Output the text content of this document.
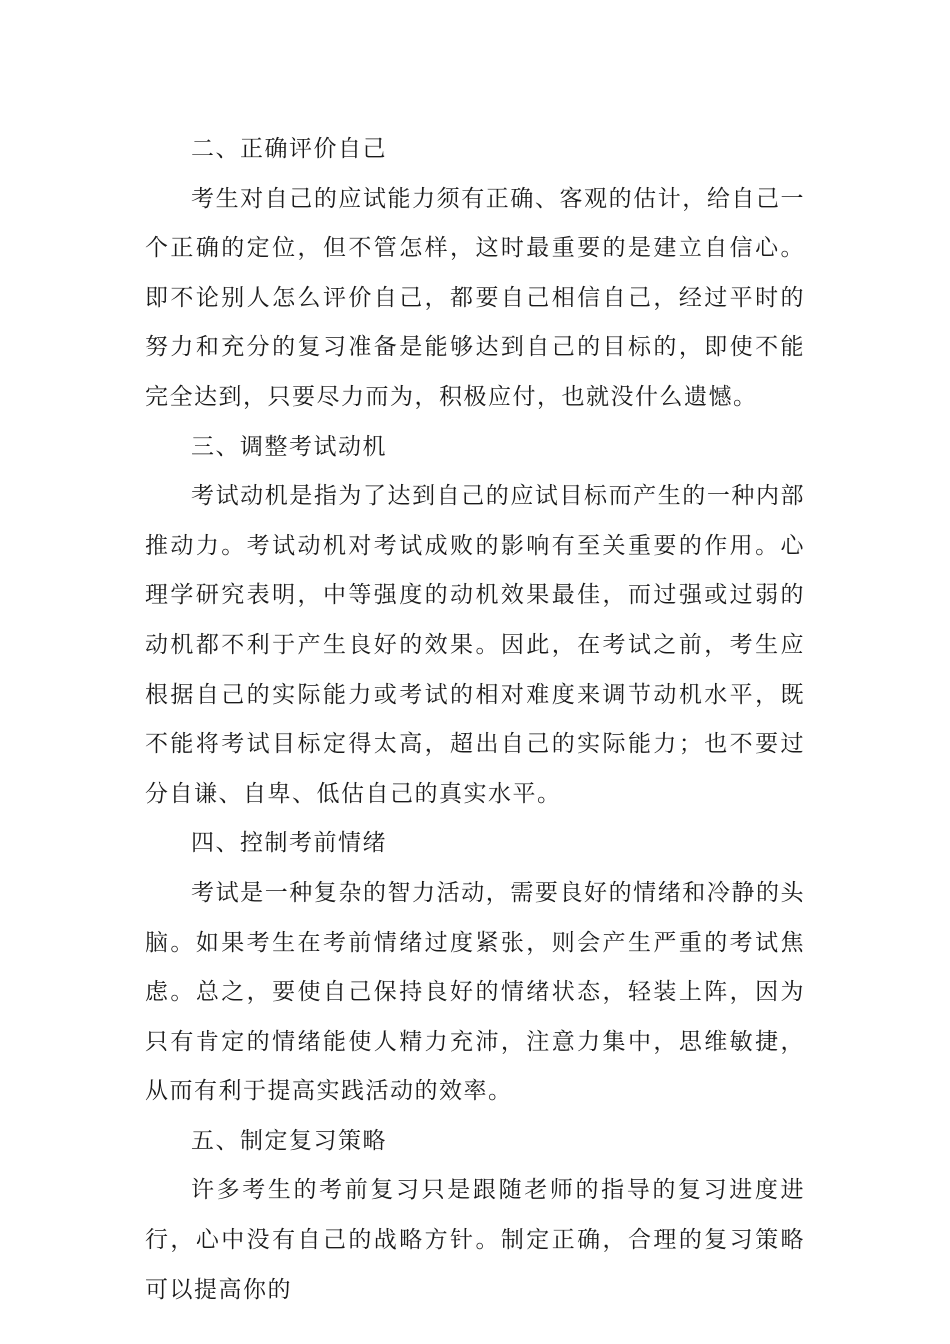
二、正确评价自己

考生对自己的应试能力须有正确、客观的估计，给自己一个正确的定位，但不管怎样，这时最重要的是建立自信心。即不论别人怎么评价自己，都要自己相信自己，经过平时的努力和充分的复习准备是能够达到自己的目标的，即使不能完全达到，只要尽力而为，积极应付，也就没什么遗憾。

三、调整考试动机

考试动机是指为了达到自己的应试目标而产生的一种内部推动力。考试动机对考试成败的影响有至关重要的作用。心理学研究表明，中等强度的动机效果最佳，而过强或过弱的动机都不利于产生良好的效果。因此，在考试之前，考生应根据自己的实际能力或考试的相对难度来调节动机水平，既不能将考试目标定得太高，超出自己的实际能力；也不要过分自谦、自卑、低估自己的真实水平。

四、控制考前情绪

考试是一种复杂的智力活动，需要良好的情绪和冷静的头脑。如果考生在考前情绪过度紧张，则会产生严重的考试焦虑。总之，要使自己保持良好的情绪状态，轻装上阵，因为只有肯定的情绪能使人精力充沛，注意力集中，思维敏捷，从而有利于提高实践活动的效率。

五、制定复习策略

许多考生的考前复习只是跟随老师的指导的复习进度进行，心中没有自己的战略方针。制定正确，合理的复习策略可以提高你的
